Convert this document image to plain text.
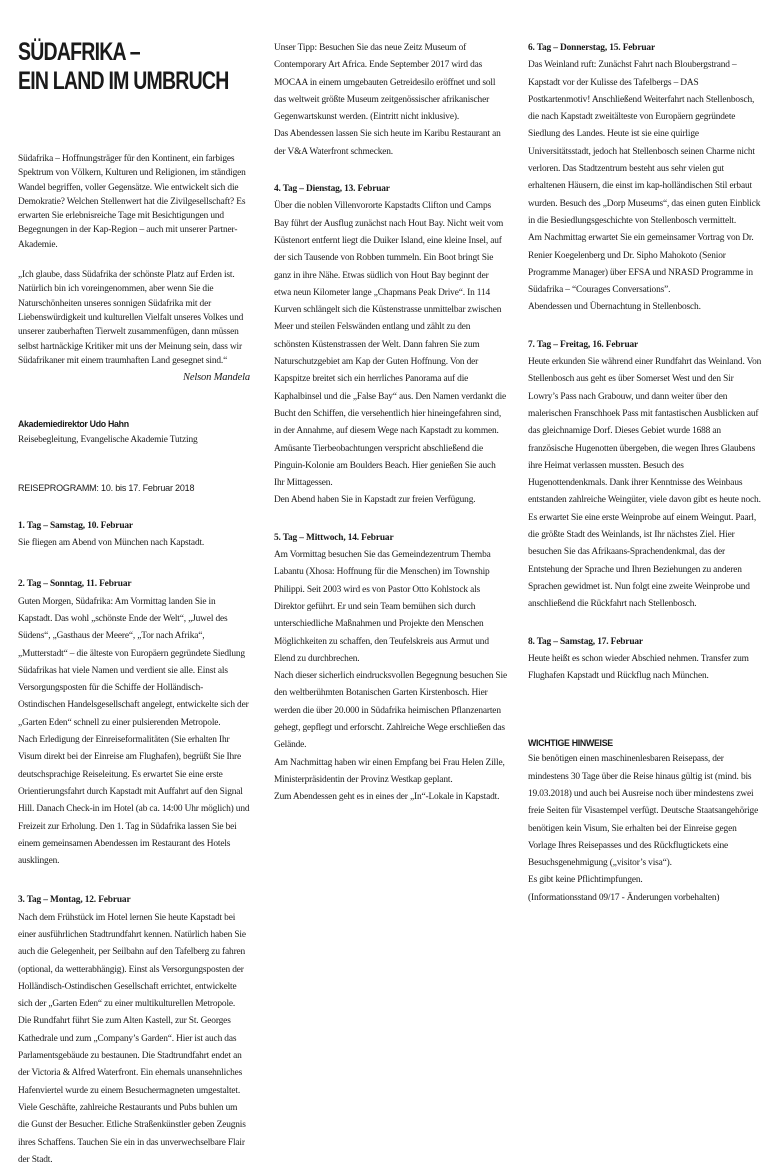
SÜDAFRIKA –
EIN LAND IM UMBRUCH

Südafrika – Hoffnungsträger für den Kontinent, ein farbiges Spektrum von Völkern, Kulturen und Religionen, im ständigen Wandel begriffen, voller Gegensätze. Wie entwickelt sich die Demokratie? Welchen Stellenwert hat die Zivilgesellschaft? Es erwarten Sie erlebnisreiche Tage mit Besichtigungen und Begegnungen in der Kap-Region – auch mit unserer Partner-Akademie.

„Ich glaube, dass Südafrika der schönste Platz auf Erden ist. Natürlich bin ich voreingenommen, aber wenn Sie die Naturschönheiten unseres sonnigen Südafrika mit der Liebenswürdigkeit und kulturellen Vielfalt unseres Volkes und unserer zauberhaften Tierwelt zusammenfügen, dann müssen selbst hartnäckige Kritiker mit uns der Meinung sein, dass wir Südafrikaner mit einem traumhaften Land gesegnet sind.“

Nelson Mandela
Akademiedirektor Udo Hahn
Reisebegleitung, Evangelische Akademie Tutzing
REISEPROGRAMM: 10. bis 17. Februar 2018
1. Tag – Samstag, 10. Februar

Sie fliegen am Abend von München nach Kapstadt.

2. Tag – Sonntag, 11. Februar

Guten Morgen, Südafrika: Am Vormittag landen Sie in Kapstadt. Das wohl „schönste Ende der Welt“, „Juwel des Südens“, „Gasthaus der Meere“, „Tor nach Afrika“, „Mutterstadt“ – die älteste von Europäern gegründete Siedlung Südafrikas hat viele Namen und verdient sie alle. Einst als Versorgungsposten für die Schiffe der Holländisch-Ostindischen Handelsgesellschaft angelegt, entwickelte sich der „Garten Eden“ schnell zu einer pulsierenden Metropole.

Nach Erledigung der Einreiseformalitäten (Sie erhalten Ihr Visum direkt bei der Einreise am Flughafen), begrüßt Sie Ihre deutschsprachige Reiseleitung. Es erwartet Sie eine erste Orientierungsfahrt durch Kapstadt mit Auffahrt auf den Signal Hill. Danach Check-in im Hotel (ab ca. 14:00 Uhr möglich) und Freizeit zur Erholung. Den 1. Tag in Südafrika lassen Sie bei einem gemeinsamen Abendessen im Restaurant des Hotels ausklingen.

3. Tag – Montag, 12. Februar

Nach dem Frühstück im Hotel lernen Sie heute Kapstadt bei einer ausführlichen Stadtrundfahrt kennen. Natürlich haben Sie auch die Gelegenheit, per Seilbahn auf den Tafelberg zu fahren (optional, da wetterabhängig). Einst als Versorgungsposten der Holländisch-Ostindischen Gesellschaft errichtet, entwickelte sich der „Garten Eden“ zu einer multikulturellen Metropole. Die Rundfahrt führt Sie zum Alten Kastell, zur St. Georges Kathedrale und zum „Company’s Garden“. Hier ist auch das Parlamentsgebäude zu bestaunen. Die Stadtrundfahrt endet an der Victoria & Alfred Waterfront. Ein ehemals unansehnliches Hafenviertel wurde zu einem Besuchermagneten umgestaltet. Viele Geschäfte, zahlreiche Restaurants und Pubs buhlen um die Gunst der Besucher. Etliche Straßenkünstler geben Zeugnis ihres Schaffens. Tauchen Sie ein in das unverwechselbare Flair der Stadt.

Unser Tipp: Besuchen Sie das neue Zeitz Museum of Contemporary Art Africa. Ende September 2017 wird das MOCAA in einem umgebauten Getreidesilo eröffnet und soll das weltweit größte Museum zeitgenössischer afrikanischer Gegenwartskunst werden. (Eintritt nicht inklusive).

Das Abendessen lassen Sie sich heute im Karibu Restaurant an der V&A Waterfront schmecken.

4. Tag – Dienstag, 13. Februar

Über die noblen Villenvororte Kapstadts Clifton und Camps Bay führt der Ausflug zunächst nach Hout Bay. Nicht weit vom Küstenort entfernt liegt die Duiker Island, eine kleine Insel, auf der sich Tausende von Robben tummeln. Ein Boot bringt Sie ganz in ihre Nähe. Etwas südlich von Hout Bay beginnt der etwa neun Kilometer lange „Chapmans Peak Drive“. In 114 Kurven schlängelt sich die Küstenstrasse unmittelbar zwischen Meer und steilen Felswänden entlang und zählt zu den schönsten Küstenstrassen der Welt. Dann fahren Sie zum Naturschutzgebiet am Kap der Guten Hoffnung. Von der Kapspitze breitet sich ein herrliches Panorama auf die Kaphalbinsel und die „False Bay“ aus. Den Namen verdankt die Bucht den Schiffen, die versehentlich hier hineingefahren sind, in der Annahme, auf diesem Wege nach Kapstadt zu kommen. Amüsante Tierbeobachtungen verspricht abschließend die Pinguin-Kolonie am Boulders Beach. Hier genießen Sie auch Ihr Mittagessen.

Den Abend haben Sie in Kapstadt zur freien Verfügung.

5. Tag – Mittwoch, 14. Februar

Am Vormittag besuchen Sie das Gemeindezentrum Themba Labantu (Xhosa: Hoffnung für die Menschen) im Township Philippi. Seit 2003 wird es von Pastor Otto Kohlstock als Direktor geführt. Er und sein Team bemühen sich durch unterschiedliche Maßnahmen und Projekte den Menschen Möglichkeiten zu schaffen, den Teufelskreis aus Armut und Elend zu durchbrechen.

Nach dieser sicherlich eindrucksvollen Begegnung besuchen Sie den weltberühmten Botanischen Garten Kirstenbosch. Hier werden die über 20.000 in Südafrika heimischen Pflanzenarten gehegt, gepflegt und erforscht. Zahlreiche Wege erschließen das Gelände.

Am Nachmittag haben wir einen Empfang bei Frau Helen Zille, Ministerpräsidentin der Provinz Westkap geplant.

Zum Abendessen geht es in eines der „In“-Lokale in Kapstadt.

6. Tag – Donnerstag, 15. Februar

Das Weinland ruft: Zunächst Fahrt nach Bloubergstrand – Kapstadt vor der Kulisse des Tafelbergs – DAS Postkartenmotiv! Anschließend Weiterfahrt nach Stellenbosch, die nach Kapstadt zweitälteste von Europäern gegründete Siedlung des Landes. Heute ist sie eine quirlige Universitätsstadt, jedoch hat Stellenbosch seinen Charme nicht verloren. Das Stadtzentrum besteht aus sehr vielen gut erhaltenen Häusern, die einst im kap-holländischen Stil erbaut wurden. Besuch des „Dorp Museums“, das einen guten Einblick in die Besiedlungsgeschichte von Stellenbosch vermittelt.

Am Nachmittag erwartet Sie ein gemeinsamer Vortrag von Dr. Renier Koegelenberg und Dr. Sipho Mahokoto (Senior Programme Manager) über EFSA und NRASD Programme in Südafrika – “Courages Conversations”.

Abendessen und Übernachtung in Stellenbosch.

7. Tag – Freitag, 16. Februar

Heute erkunden Sie während einer Rundfahrt das Weinland. Von Stellenbosch aus geht es über Somerset West und den Sir Lowry’s Pass nach Grabouw, und dann weiter über den malerischen Franschhoek Pass mit fantastischen Ausblicken auf das gleichnamige Dorf. Dieses Gebiet wurde 1688 an französische Hugenotten übergeben, die wegen Ihres Glaubens ihre Heimat verlassen mussten. Besuch des Hugenottendenkmals. Dank ihrer Kenntnisse des Weinbaus entstanden zahlreiche Weingüter, viele davon gibt es heute noch. Es erwartet Sie eine erste Weinprobe auf einem Weingut. Paarl, die größte Stadt des Weinlands, ist Ihr nächstes Ziel. Hier besuchen Sie das Afrikaans-Sprachendenkmal, das der Entstehung der Sprache und Ihren Beziehungen zu anderen Sprachen gewidmet ist. Nun folgt eine zweite Weinprobe und anschließend die Rückfahrt nach Stellenbosch.

8. Tag – Samstag, 17. Februar

Heute heißt es schon wieder Abschied nehmen. Transfer zum Flughafen Kapstadt und Rückflug nach München.

WICHTIGE HINWEISE

Sie benötigen einen maschinenlesbaren Reisepass, der mindestens 30 Tage über die Reise hinaus gültig ist (mind. bis 19.03.2018) und auch bei Ausreise noch über mindestens zwei freie Seiten für Visastempel verfügt. Deutsche Staatsangehörige benötigen kein Visum, Sie erhalten bei der Einreise gegen Vorlage Ihres Reisepasses und des Rückflugtickets eine Besuchsgenehmigung („visitor’s visa“).

Es gibt keine Pflichtimpfungen.

(Informationsstand 09/17 - Änderungen vorbehalten)
